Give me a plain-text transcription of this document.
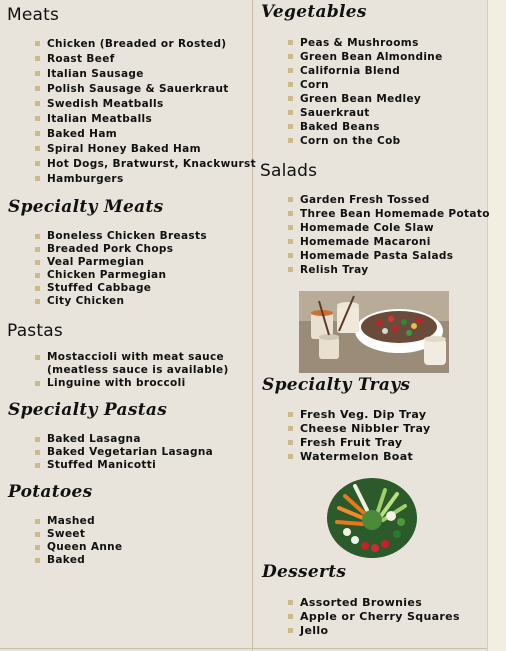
Meats
Chicken (Breaded or Rosted)
Roast Beef
Italian Sausage
Polish Sausage & Sauerkraut
Swedish Meatballs
Italian Meatballs
Baked Ham
Spiral Honey Baked Ham
Hot Dogs, Bratwurst, Knackwurst
Hamburgers
Specialty Meats
Boneless Chicken Breasts
Breaded Pork Chops
Veal Parmegian
Chicken Parmegian
Stuffed Cabbage
City Chicken
Pastas
Mostaccioli with meat sauce
(meatless sauce is available)
Linguine with broccoli
Specialty Pastas
Baked Lasagna
Baked Vegetarian Lasagna
Stuffed Manicotti
Potatoes
Mashed
Sweet
Queen Anne
Baked
Vegetables
Peas & Mushrooms
Green Bean Almondine
California Blend
Corn
Green Bean Medley
Sauerkraut
Baked Beans
Corn on the Cob
Salads
Garden Fresh Tossed
Three Bean Homemade Potato
Homemade Cole Slaw
Homemade Macaroni
Homemade Pasta Salads
Relish Tray
Specialty Trays
Fresh Veg. Dip Tray
Cheese Nibbler Tray
Fresh Fruit Tray
Watermelon Boat
Desserts
Assorted Brownies
Apple or Cherry Squares
Jello
